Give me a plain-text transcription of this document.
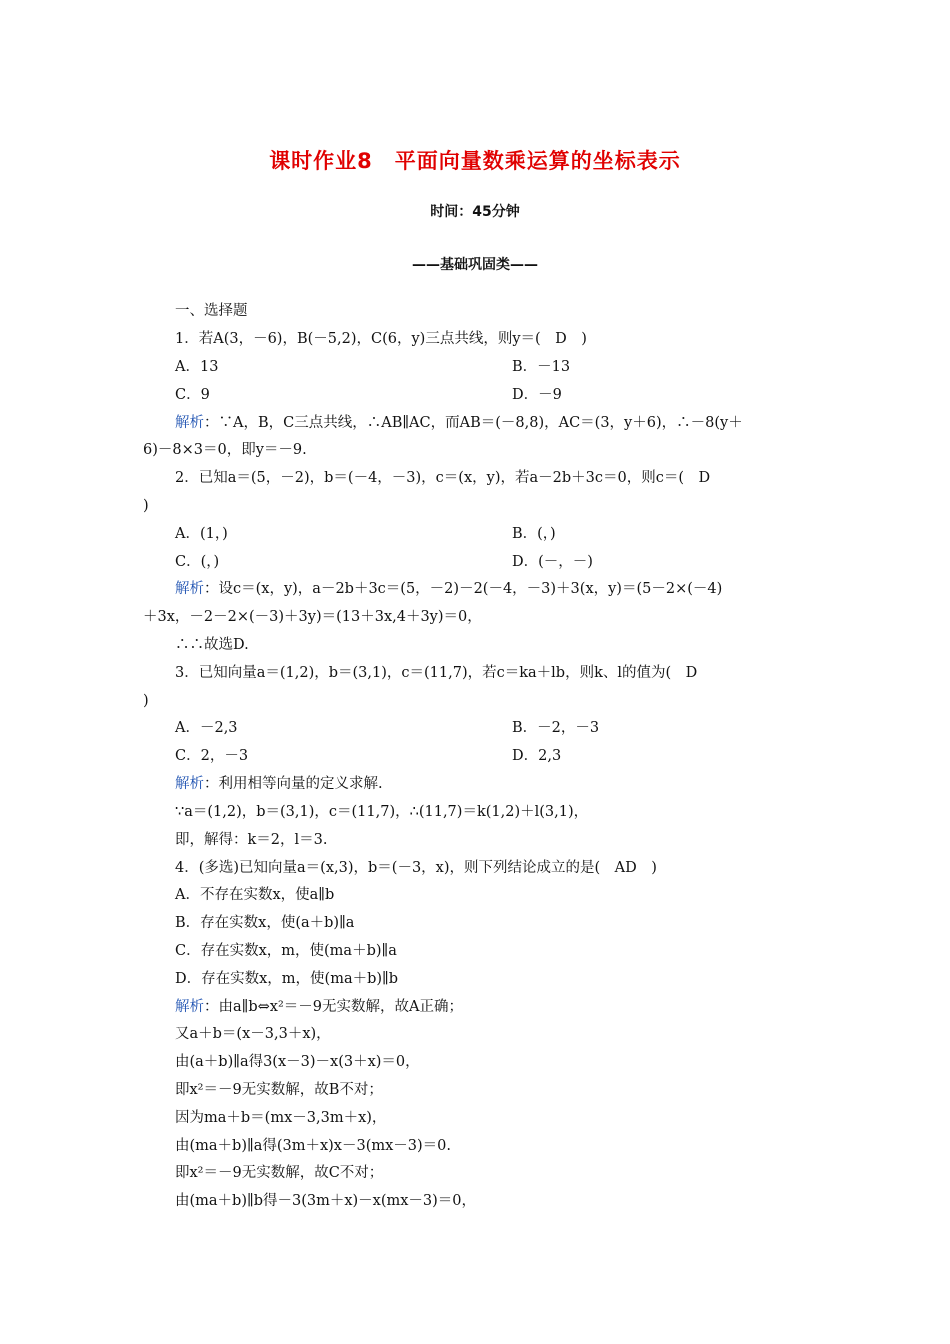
课时作业8　平面向量数乘运算的坐标表示
时间：45分钟
——基础巩固类——
一、选择题
1．若A(3，－6)，B(－5,2)，C(6，y)三点共线，则y＝(　D　)
A．13	B．－13
C．9	D．－9
解析：∵A，B，C三点共线，∴AB∥AC，而AB＝(－8,8)，AC＝(3，y＋6)，∴－8(y＋
6)－8×3＝0，即y＝－9.
2．已知a＝(5，－2)，b＝(－4，－3)，c＝(x，y)，若a－2b＋3c＝0，则c＝(　D
)
A．(1，)	B．(，)
C．(，)	D．(－，－)
解析：设c＝(x，y)，a－2b＋3c＝(5，－2)－2(－4，－3)＋3(x，y)＝(5－2×(－4)
＋3x，－2－2×(－3)＋3y)＝(13＋3x,4＋3y)＝0，
∴∴故选D.
3．已知向量a＝(1,2)，b＝(3,1)，c＝(11,7)，若c＝ka＋lb，则k、l的值为(　D
)
A．－2,3	B．－2，－3
C．2，－3	D．2,3
解析：利用相等向量的定义求解.
∵a＝(1,2)，b＝(3,1)，c＝(11,7)，∴(11,7)＝k(1,2)＋l(3,1)，
即，解得：k＝2，l＝3.
4．(多选)已知向量a＝(x,3)，b＝(－3，x)，则下列结论成立的是(　AD　)
A．不存在实数x，使a∥b
B．存在实数x，使(a＋b)∥a
C．存在实数x，m，使(ma＋b)∥a
D．存在实数x，m，使(ma＋b)∥b
解析：由a∥b⇔x²＝－9无实数解，故A正确；
又a＋b＝(x－3,3＋x)，
由(a＋b)∥a得3(x－3)－x(3＋x)＝0，
即x²＝－9无实数解，故B不对；
因为ma＋b＝(mx－3,3m＋x)，
由(ma＋b)∥a得(3m＋x)x－3(mx－3)＝0.
即x²＝－9无实数解，故C不对；
由(ma＋b)∥b得－3(3m＋x)－x(mx－3)＝0，
